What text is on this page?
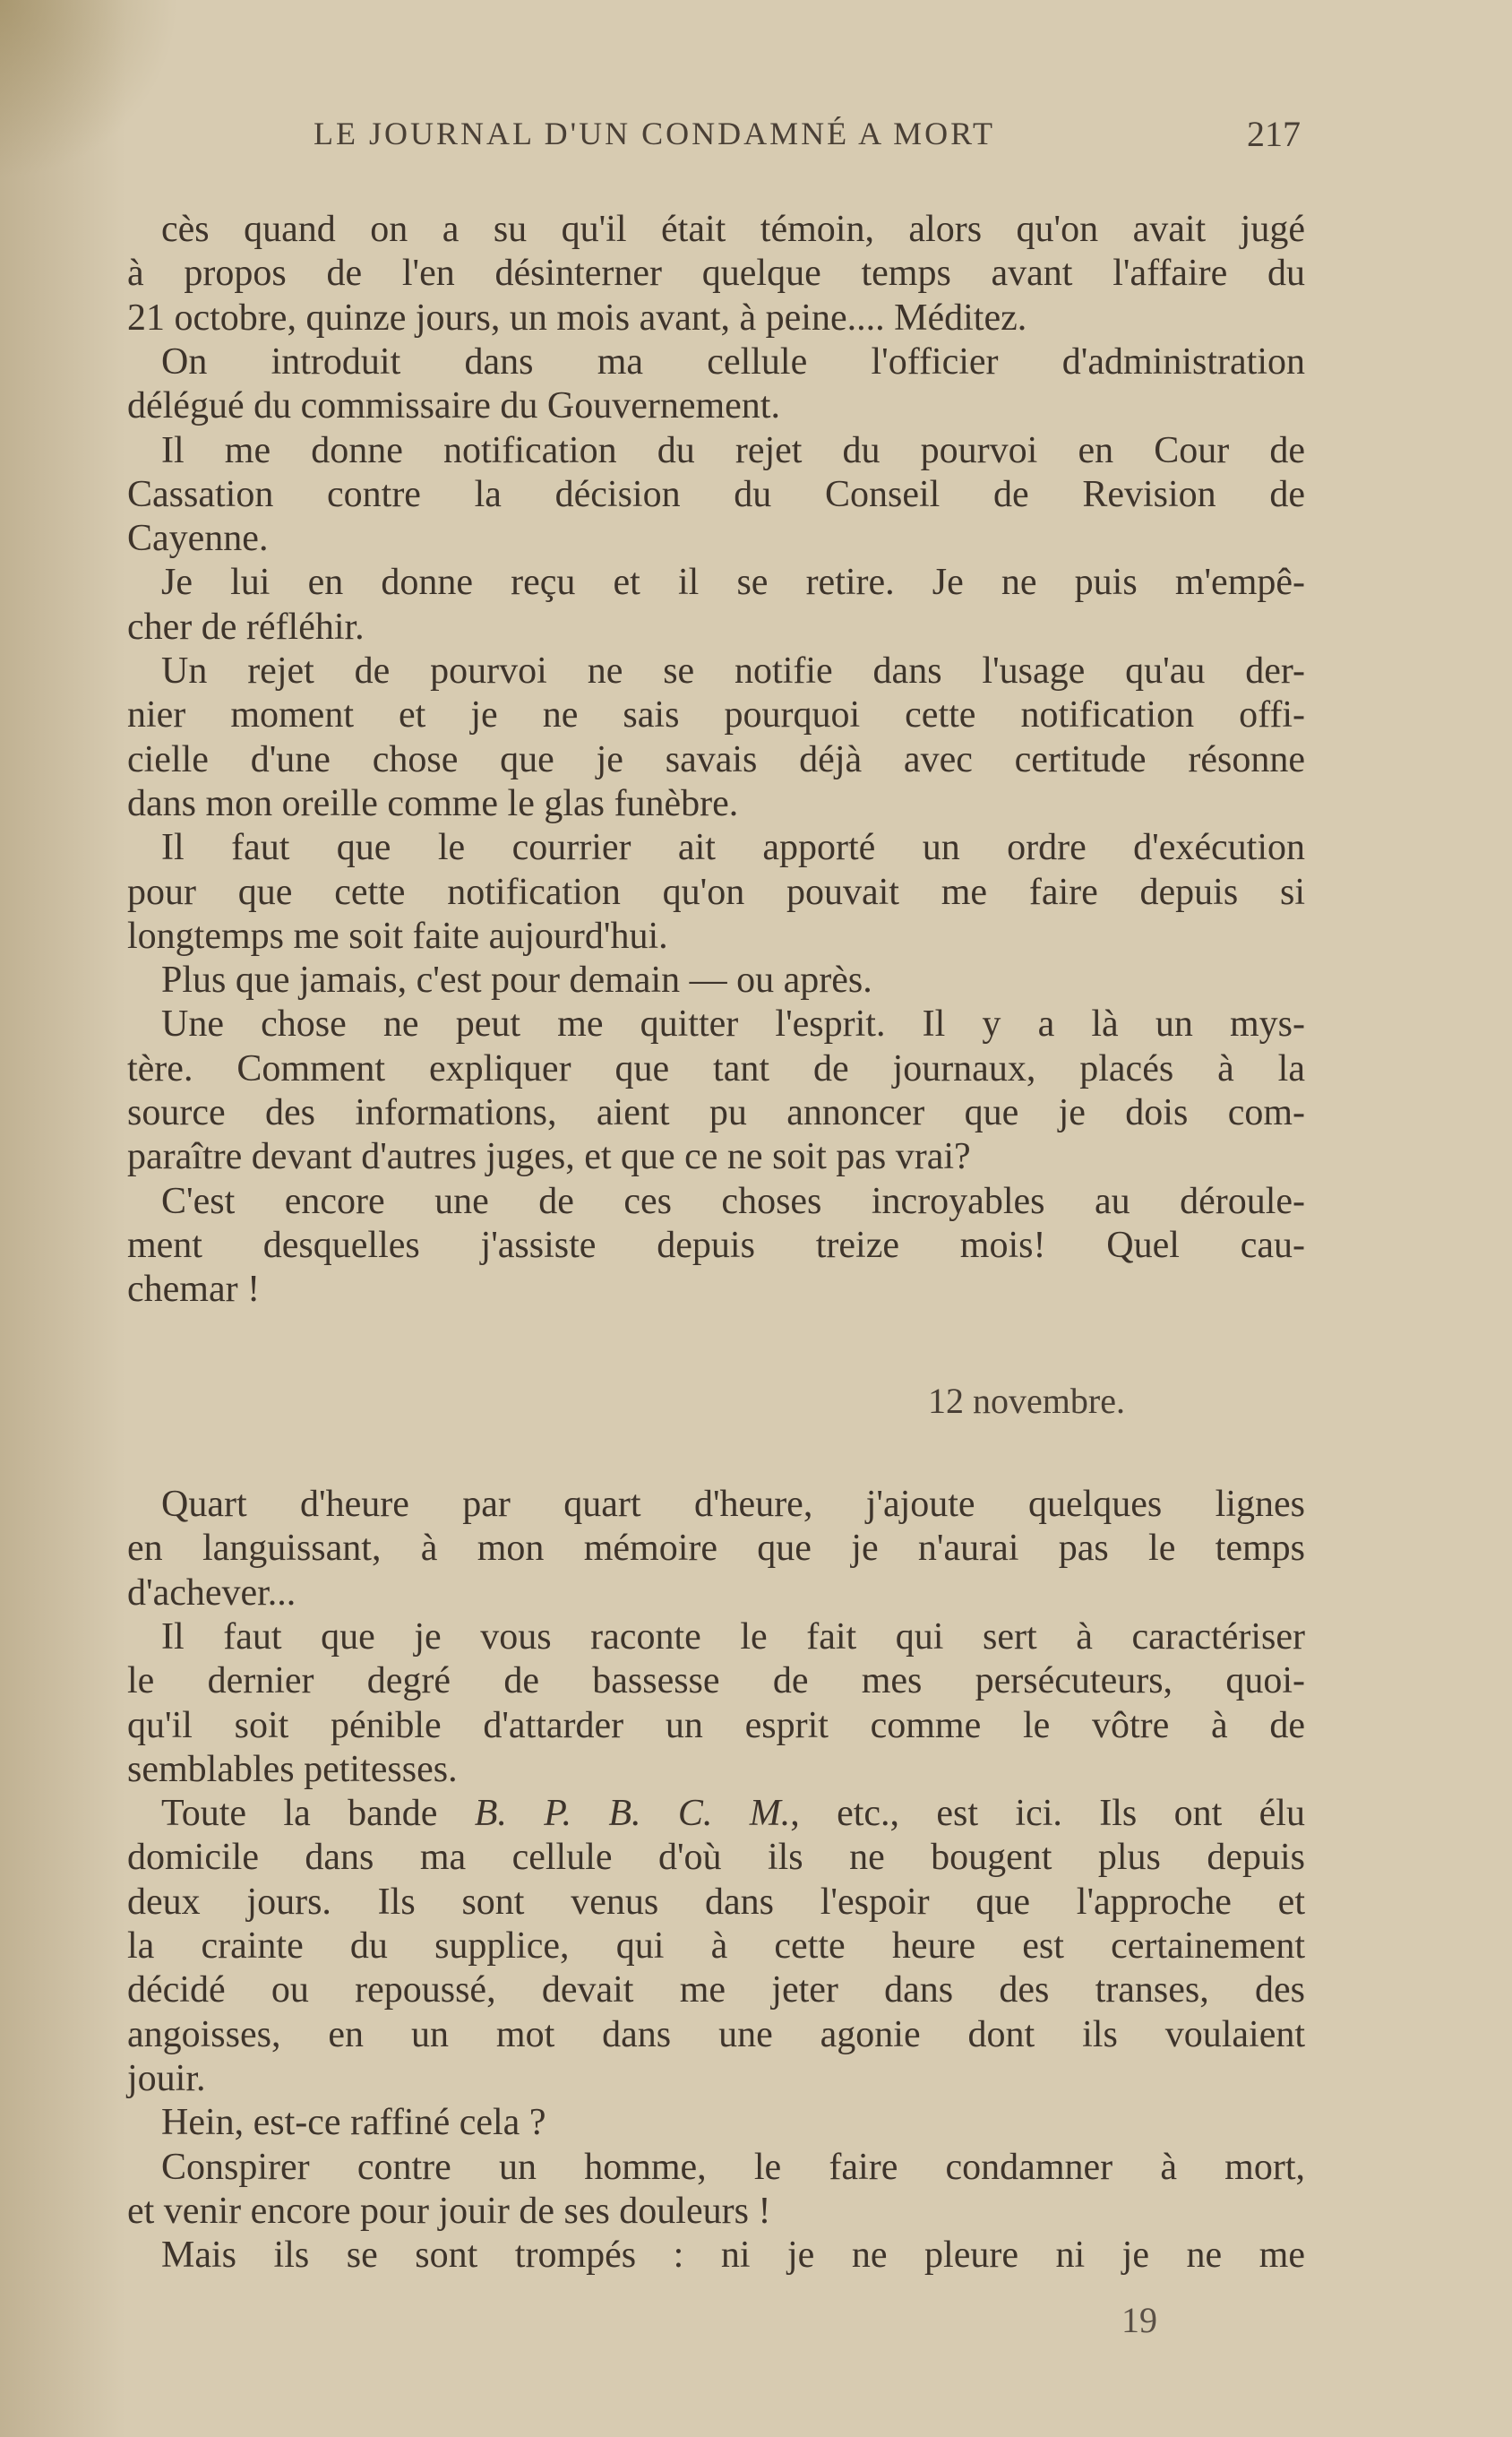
LE JOURNAL D'UN CONDAMNÉ A MORT	217
cès quand on a su qu'il était témoin, alors qu'on avait jugé
à propos de l'en désinterner quelque temps avant l'affaire du
21 octobre, quinze jours, un mois avant, à peine.... Méditez.
On introduit dans ma cellule l'officier d'administration
délégué du commissaire du Gouvernement.
Il me donne notification du rejet du pourvoi en Cour de
Cassation contre la décision du Conseil de Revision de
Cayenne.
Je lui en donne reçu et il se retire. Je ne puis m'empê-
cher de réfléhir.
Un rejet de pourvoi ne se notifie dans l'usage qu'au der-
nier moment et je ne sais pourquoi cette notification offi-
cielle d'une chose que je savais déjà avec certitude résonne
dans mon oreille comme le glas funèbre.
Il faut que le courrier ait apporté un ordre d'exécution
pour que cette notification qu'on pouvait me faire depuis si
longtemps me soit faite aujourd'hui.
Plus que jamais, c'est pour demain — ou après.
Une chose ne peut me quitter l'esprit. Il y a là un mys-
tère. Comment expliquer que tant de journaux, placés à la
source des informations, aient pu annoncer que je dois com-
paraître devant d'autres juges, et que ce ne soit pas vrai?
C'est encore une de ces choses incroyables au déroule-
ment desquelles j'assiste depuis treize mois! Quel cau-
chemar !
12 novembre.
Quart d'heure par quart d'heure, j'ajoute quelques lignes
en languissant, à mon mémoire que je n'aurai pas le temps
d'achever...
Il faut que je vous raconte le fait qui sert à caractériser
le dernier degré de bassesse de mes persécuteurs, quoi-
qu'il soit pénible d'attarder un esprit comme le vôtre à de
semblables petitesses.
Toute la bande B. P. B. C. M., etc., est ici. Ils ont élu
domicile dans ma cellule d'où ils ne bougent plus depuis
deux jours. Ils sont venus dans l'espoir que l'approche et
la crainte du supplice, qui à cette heure est certainement
décidé ou repoussé, devait me jeter dans des transes, des
angoisses, en un mot dans une agonie dont ils voulaient
jouir.
Hein, est-ce raffiné cela ?
Conspirer contre un homme, le faire condamner à mort,
et venir encore pour jouir de ses douleurs !
Mais ils se sont trompés : ni je ne pleure ni je ne me
19
